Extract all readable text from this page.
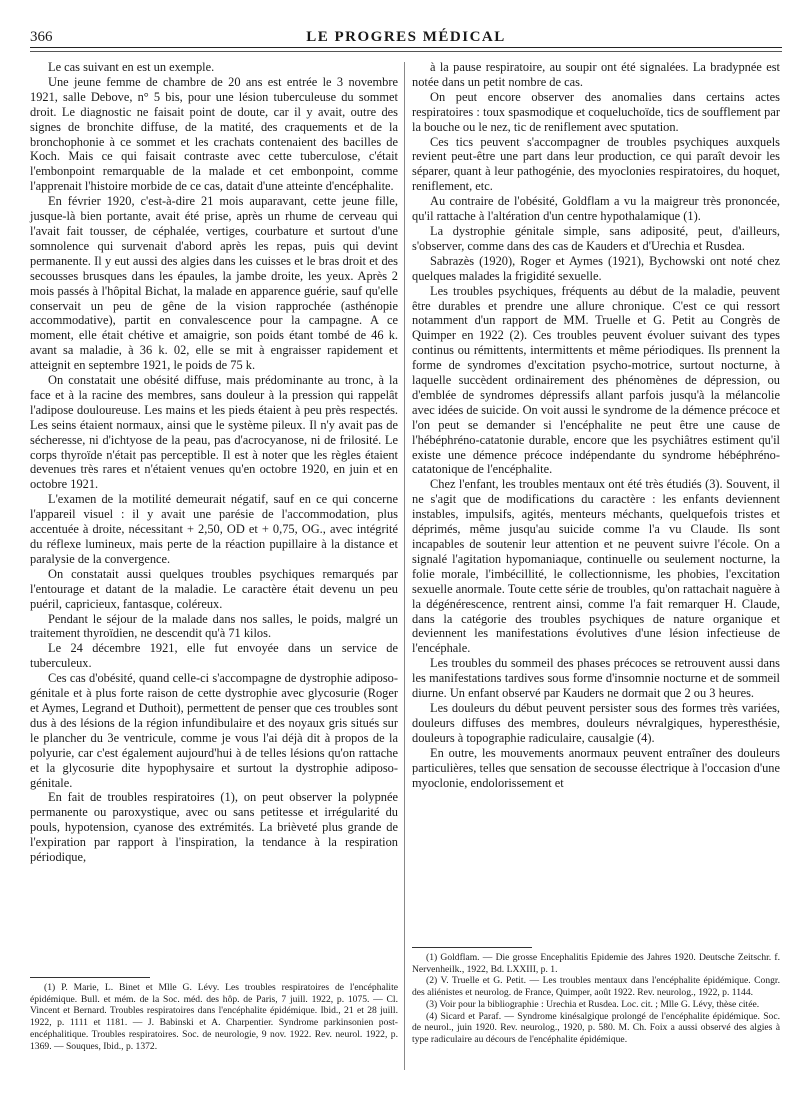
366	LE PROGRES MÉDICAL

Le cas suivant en est un exemple.

Une jeune femme de chambre de 20 ans est entrée le 3 novembre 1921, salle Debove, n° 5 bis, pour une lésion tuberculeuse du sommet droit. Le diagnostic ne faisait point de doute, car il y avait, outre des signes de bronchite diffuse, de la matité, des craquements et de la bronchophonie à ce sommet et les crachats contenaient des bacilles de Koch. Mais ce qui faisait contraste avec cette tuberculose, c'était l'embonpoint remarquable de la malade et cet embonpoint, comme l'apprenait l'histoire morbide de ce cas, datait d'une atteinte d'encéphalite.

En février 1920, c'est-à-dire 21 mois auparavant, cette jeune fille, jusque-là bien portante, avait été prise, après un rhume de cerveau qui l'avait fait tousser, de céphalée, vertiges, courbature et surtout d'une somnolence qui survenait d'abord après les repas, puis qui devint permanente. Il y eut aussi des algies dans les cuisses et le bras droit et des secousses brusques dans les épaules, la jambe droite, les yeux. Après 2 mois passés à l'hôpital Bichat, la malade en apparence guérie, sauf qu'elle conservait un peu de gêne de la vision rapprochée (asthénopie accommodative), partit en convalescence pour la campagne. A ce moment, elle était chétive et amaigrie, son poids étant tombé de 46 k. avant sa maladie, à 36 k. 02, elle se mit à engraisser rapidement et atteignit en septembre 1921, le poids de 75 k.

On constatait une obésité diffuse, mais prédominante au tronc, à la face et à la racine des membres, sans douleur à la pression qui rappelât l'adipose douloureuse. Les mains et les pieds étaient à peu près respectés. Les seins étaient normaux, ainsi que le système pileux. Il n'y avait pas de sécheresse, ni d'ichtyose de la peau, pas d'acrocyanose, ni de frilosité. Le corps thyroïde n'était pas perceptible. Il est à noter que les règles étaient devenues très rares et n'étaient venues qu'en octobre 1920, en juin et en octobre 1921.

L'examen de la motilité demeurait négatif, sauf en ce qui concerne l'appareil visuel : il y avait une parésie de l'accommodation, plus accentuée à droite, nécessitant + 2,50, OD et + 0,75, OG., avec intégrité du réflexe lumineux, mais perte de la réaction pupillaire à la distance et paralysie de la convergence.

On constatait aussi quelques troubles psychiques remarqués par l'entourage et datant de la maladie. Le caractère était devenu un peu puéril, capricieux, fantasque, coléreux.

Pendant le séjour de la malade dans nos salles, le poids, malgré un traitement thyroïdien, ne descendit qu'à 71 kilos.

Le 24 décembre 1921, elle fut envoyée dans un service de tuberculeux.

Ces cas d'obésité, quand celle-ci s'accompagne de dystrophie adiposo-génitale et à plus forte raison de cette dystrophie avec glycosurie (Roger et Aymes, Legrand et Duthoit), permettent de penser que ces troubles sont dus à des lésions de la région infundibulaire et des noyaux gris situés sur le plancher du 3e ventricule, comme je vous l'ai déjà dit à propos de la polyurie, car c'est également aujourd'hui à de telles lésions qu'on rattache et la glycosurie dite hypophysaire et surtout la dystrophie adiposo-génitale.

En fait de troubles respiratoires (1), on peut observer la polypnée permanente ou paroxystique, avec ou sans petitesse et irrégularité du pouls, hypotension, cyanose des extrémités. La brièveté plus grande de l'expiration par rapport à l'inspiration, la tendance à la respiration périodique,

à la pause respiratoire, au soupir ont été signalées. La bradypnée est notée dans un petit nombre de cas.

On peut encore observer des anomalies dans certains actes respiratoires : toux spasmodique et coqueluchoïde, tics de soufflement par la bouche ou le nez, tic de reniflement avec sputation.

Ces tics peuvent s'accompagner de troubles psychiques auxquels revient peut-être une part dans leur production, ce qui paraît devoir les séparer, quant à leur pathogénie, des myoclonies respiratoires, du hoquet, reniflement, etc.

Au contraire de l'obésité, Goldflam a vu la maigreur très prononcée, qu'il rattache à l'altération d'un centre hypothalamique (1).

La dystrophie génitale simple, sans adiposité, peut, d'ailleurs, s'observer, comme dans des cas de Kauders et d'Urechia et Rusdea.

Sabrazès (1920), Roger et Aymes (1921), Bychowski ont noté chez quelques malades la frigidité sexuelle.

Les troubles psychiques, fréquents au début de la maladie, peuvent être durables et prendre une allure chronique. C'est ce qui ressort notamment d'un rapport de MM. Truelle et G. Petit au Congrès de Quimper en 1922 (2). Ces troubles peuvent évoluer suivant des types continus ou rémittents, intermittents et même périodiques. Ils prennent la forme de syndromes d'excitation psycho-motrice, surtout nocturne, à laquelle succèdent ordinairement des phénomènes de dépression, ou d'emblée de syndromes dépressifs allant parfois jusqu'à la mélancolie avec idées de suicide. On voit aussi le syndrome de la démence précoce et l'on peut se demander si l'encéphalite ne peut être une cause de l'hébéphréno-catatonie durable, encore que les psychiâtres estiment qu'il existe une démence précoce indépendante du syndrome hébéphréno-catatonique de l'encéphalite.

Chez l'enfant, les troubles mentaux ont été très étudiés (3). Souvent, il ne s'agit que de modifications du caractère : les enfants deviennent instables, impulsifs, agités, menteurs méchants, quelquefois tristes et déprimés, même jusqu'au suicide comme l'a vu Claude. Ils sont incapables de soutenir leur attention et ne peuvent suivre l'école. On a signalé l'agitation hypomaniaque, continuelle ou seulement nocturne, la folie morale, l'imbécillité, le collectionnisme, les phobies, l'excitation sexuelle anormale. Toute cette série de troubles, qu'on rattachait naguère à la dégénérescence, rentrent ainsi, comme l'a fait remarquer H. Claude, dans la catégorie des troubles psychiques de nature organique et deviennent les manifestations évolutives d'une lésion infectieuse de l'encéphale.

Les troubles du sommeil des phases précoces se retrouvent aussi dans les manifestations tardives sous forme d'insomnie nocturne et de sommeil diurne. Un enfant observé par Kauders ne dormait que 2 ou 3 heures.

Les douleurs du début peuvent persister sous des formes très variées, douleurs diffuses des membres, douleurs névralgiques, hyperesthésie, douleurs à topographie radiculaire, causalgie (4).

En outre, les mouvements anormaux peuvent entraîner des douleurs particulières, telles que sensation de secousse électrique à l'occasion d'une myoclonie, endolorissement et

(1) P. Marie, L. Binet et Mlle G. Lévy. Les troubles respiratoires de l'encéphalite épidémique. Bull. et mém. de la Soc. méd. des hôp. de Paris, 7 juill. 1922, p. 1075. — Cl. Vincent et Bernard. Troubles respiratoires dans l'encéphalite épidémique. Ibid., 21 et 28 juill. 1922, p. 1111 et 1181. — J. Babinski et A. Charpentier. Syndrome parkinsonien post-encéphalitique. Troubles respiratoires. Soc. de neurologie, 9 nov. 1922. Rev. neurol. 1922, p. 1369. — Souques, Ibid., p. 1372.

(1) Goldflam. — Die grosse Encephalitis Epidemie des Jahres 1920. Deutsche Zeitschr. f. Nervenheilk., 1922, Bd. LXXIII, p. 1.

(2) V. Truelle et G. Petit. — Les troubles mentaux dans l'encéphalite épidémique. Congr. des aliénistes et neurolog. de France, Quimper, août 1922. Rev. neurolog., 1922, p. 1144.

(3) Voir pour la bibliographie : Urechia et Rusdea. Loc. cit. ; Mlle G. Lévy, thèse citée.

(4) Sicard et Paraf. — Syndrome kinésalgique prolongé de l'encéphalite épidémique. Soc. de neurol., juin 1920. Rev. neurolog., 1920, p. 580. M. Ch. Foix a aussi observé des algies à type radiculaire au décours de l'encéphalite épidémique.
